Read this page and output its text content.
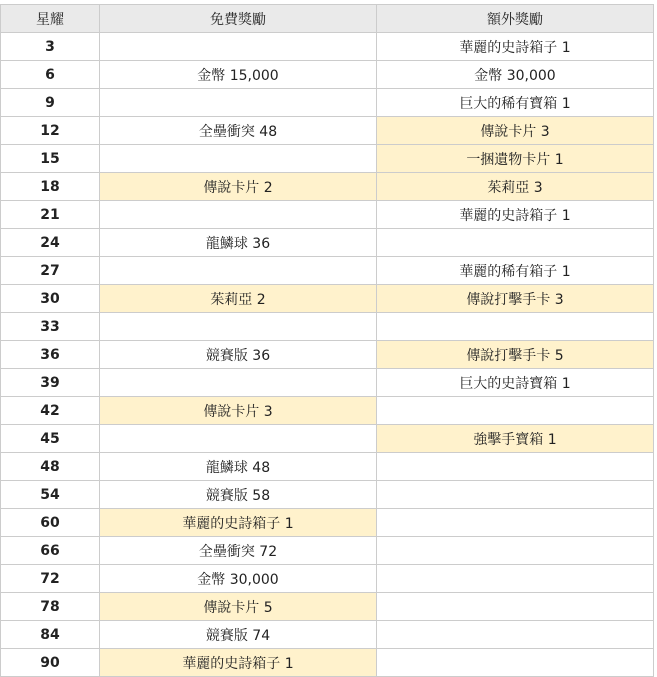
星耀	免費獎勵	額外獎勵
3		華麗的史詩箱子 1
6	金幣 15,000	金幣 30,000
9		巨大的稀有寶箱 1
12	全壘衝突 48	傳說卡片 3
15		一捆遺物卡片 1
18	傳說卡片 2	茱莉亞 3
21		華麗的史詩箱子 1
24	龍鱗球 36	
27		華麗的稀有箱子 1
30	茱莉亞 2	傳說打擊手卡 3
33		
36	競賽版 36	傳說打擊手卡 5
39		巨大的史詩寶箱 1
42	傳說卡片 3	
45		強擊手寶箱 1
48	龍鱗球 48	
54	競賽版 58	
60	華麗的史詩箱子 1	
66	全壘衝突 72	
72	金幣 30,000	
78	傳說卡片 5	
84	競賽版 74	
90	華麗的史詩箱子 1	
